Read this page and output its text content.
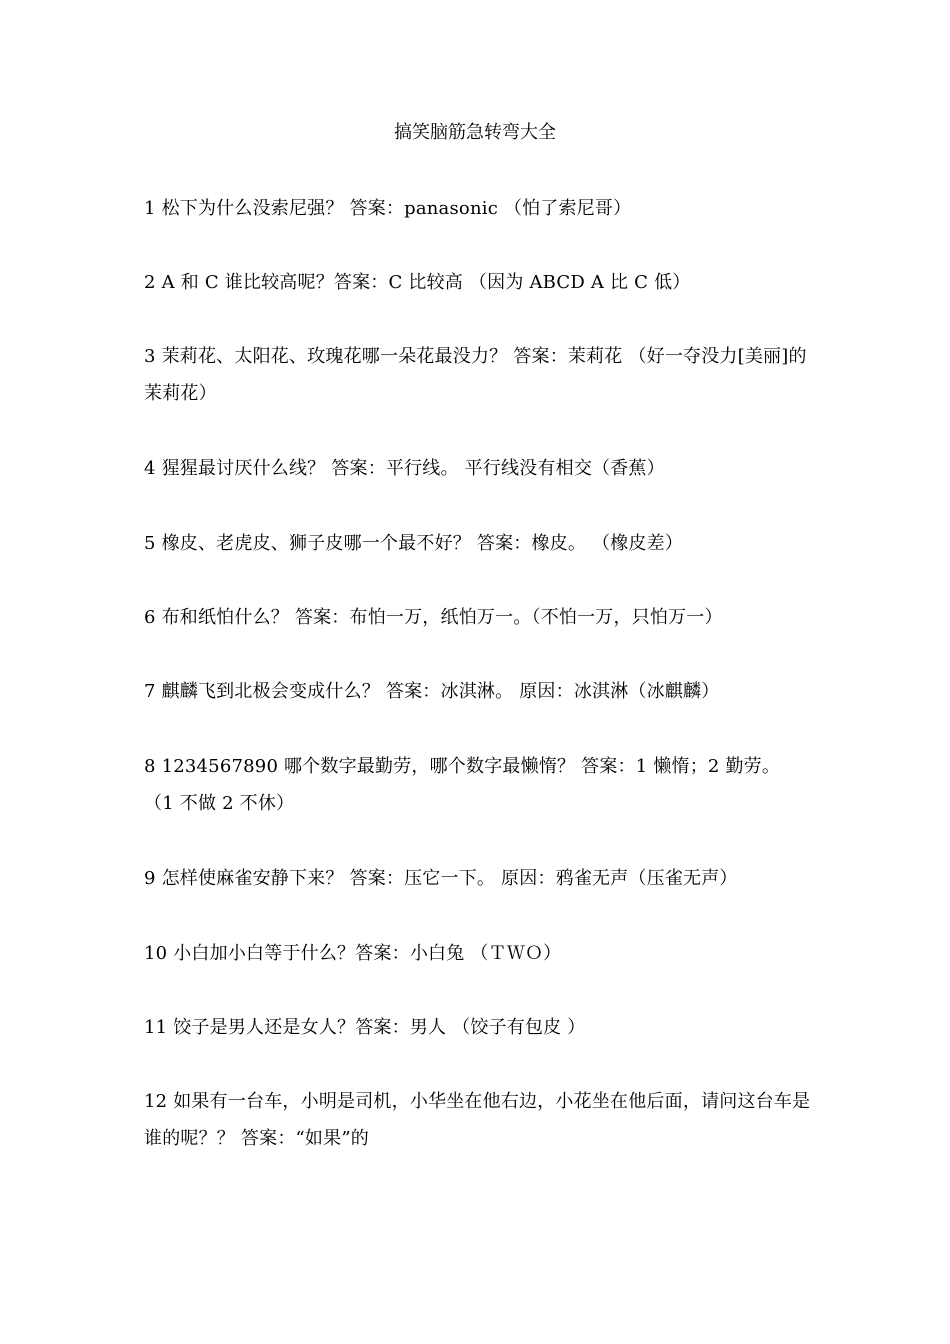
搞笑脑筋急转弯大全
1 松下为什么没索尼强？ 答案：panasonic （怕了索尼哥）
2 A 和 C 谁比较高呢？答案：C 比较高 （因为 ABCD A 比 C 低）
3 茉莉花、太阳花、玫瑰花哪一朵花最没力？ 答案：茉莉花 （好一夺没力[美丽]的茉莉花）
4 猩猩最讨厌什么线？ 答案：平行线。 平行线没有相交（香蕉）
5 橡皮、老虎皮、狮子皮哪一个最不好？ 答案：橡皮。 （橡皮差）
6 布和纸怕什么？ 答案：布怕一万，纸怕万一。（不怕一万，只怕万一）
7 麒麟飞到北极会变成什么？ 答案：冰淇淋。 原因：冰淇淋（冰麒麟）
8 1234567890 哪个数字最勤劳，哪个数字最懒惰？ 答案：1 懒惰；2 勤劳。 （1 不做 2 不休）
9 怎样使麻雀安静下来？ 答案：压它一下。 原因：鸦雀无声（压雀无声）
10 小白加小白等于什么？答案：小白兔 （ＴＷＯ）
11 饺子是男人还是女人？答案：男人 （饺子有包皮 ）
12 如果有一台车，小明是司机，小华坐在他右边，小花坐在他后面，请问这台车是谁的呢？？ 答案：“如果”的
